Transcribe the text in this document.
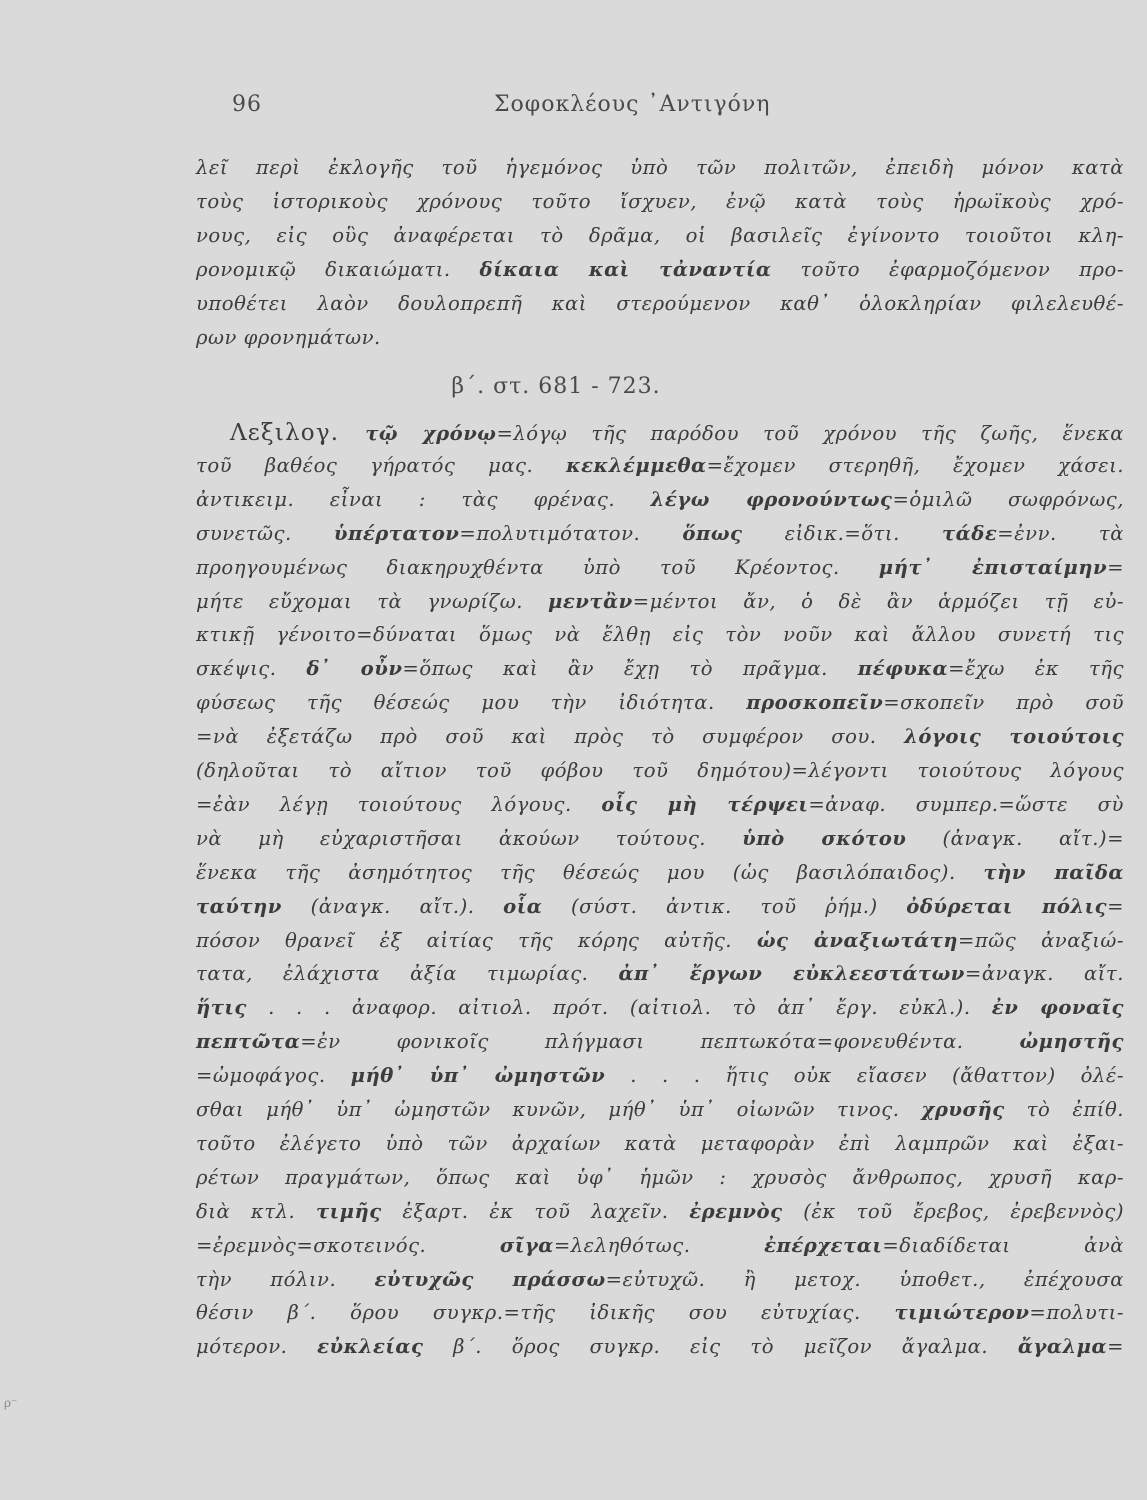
96	Σοφοκλέους ᾿Αντιγόνη
β΄. στ. 681 - 723.
ρ⁻
λεῖ περὶ ἐκλογῆς τοῦ ἡγεμόνος ὑπὸ τῶν πολιτῶν, ἐπειδὴ μόνον κατὰ
τοὺς ἱστορικοὺς χρόνους τοῦτο ἴσχυεν, ἐνῷ κατὰ τοὺς ἡρωϊκοὺς χρό-
νους, εἰς οὓς ἀναφέρεται τὸ δρᾶμα, οἱ βασιλεῖς ἐγίνοντο τοιοῦτοι κλη-
ρονομικῷ δικαιώματι. δίκαια καὶ τἀναντία τοῦτο ἐφαρμοζόμενον προ-
υποθέτει λαὸν δουλοπρεπῆ καὶ στερούμενον καθ᾿ ὁλοκληρίαν φιλελευθέ-
ρων φρονημάτων.
Λεξιλογ. τῷ χρόνῳ=λόγῳ τῆς παρόδου τοῦ χρόνου τῆς ζωῆς, ἕνεκα
τοῦ βαθέος γήρατός μας. κεκλέμμεθα=ἔχομεν στερηθῆ, ἔχομεν χάσει.
ἀντικειμ. εἶναι : τὰς φρένας. λέγω φρονούντως=ὁμιλῶ σωφρόνως,
συνετῶς. ὑπέρτατον=πολυτιμότατον. ὅπως εἰδικ.=ὅτι. τάδε=ἐνν. τὰ
προηγουμένως διακηρυχθέντα ὑπὸ τοῦ Κρέοντος. μήτ᾿ ἐπισταίμην=
μήτε εὔχομαι τὰ γνωρίζω. μεντἂν=μέντοι ἄν, ὁ δὲ ἂν ἁρμόζει τῇ εὐ-
κτικῇ γένοιτο=δύναται ὅμως νὰ ἔλθῃ εἰς τὸν νοῦν καὶ ἄλλου συνετή τις
σκέψις. δ᾿ οὖν=ὅπως καὶ ἂν ἔχῃ τὸ πρᾶγμα. πέφυκα=ἔχω ἐκ τῆς
φύσεως τῆς θέσεώς μου τὴν ἰδιότητα. προσκοπεῖν=σκοπεῖν πρὸ σοῦ
=νὰ ἐξετάζω πρὸ σοῦ καὶ πρὸς τὸ συμφέρον σου. λόγοις τοιούτοις
(δηλοῦται τὸ αἴτιον τοῦ φόβου τοῦ δημότου)=λέγοντι τοιούτους λόγους
=ἐὰν λέγῃ τοιούτους λόγους. οἷς μὴ τέρψει=ἀναφ. συμπερ.=ὥστε σὺ
νὰ μὴ εὐχαριστῆσαι ἀκούων τούτους. ὑπὸ σκότου (ἀναγκ. αἴτ.)=
ἕνεκα τῆς ἀσημότητος τῆς θέσεώς μου (ὡς βασιλόπαιδος). τὴν παῖδα
ταύτην (ἀναγκ. αἴτ.). οἷα (σύστ. ἀντικ. τοῦ ῥήμ.) ὀδύρεται πόλις=
πόσον θρανεῖ ἐξ αἰτίας τῆς κόρης αὐτῆς. ὡς ἀναξιωτάτη=πῶς ἀναξιώ-
τατα, ἐλάχιστα ἀξία τιμωρίας. ἀπ᾿ ἔργων εὐκλεεστάτων=ἀναγκ. αἴτ.
ἥτις . . . ἀναφορ. αἰτιολ. πρότ. (αἰτιολ. τὸ ἀπ᾿ ἔργ. εὐκλ.). ἐν φοναῖς
πεπτῶτα=ἐν φονικοῖς πλήγμασι πεπτωκότα=φονευθέντα. ὠμηστῆς
=ὠμοφάγος. μήθ᾿ ὑπ᾿ ὠμηστῶν . . . ἥτις οὐκ εἴασεν (ἄθαττον) ὀλέ-
σθαι μήθ᾿ ὑπ᾿ ὠμηστῶν κυνῶν, μήθ᾿ ὑπ᾿ οἰωνῶν τινος. χρυσῆς τὸ ἐπίθ.
τοῦτο ἐλέγετο ὑπὸ τῶν ἀρχαίων κατὰ μεταφορὰν ἐπὶ λαμπρῶν καὶ ἐξαι-
ρέτων πραγμάτων, ὅπως καὶ ὑφ᾿ ἡμῶν : χρυσὸς ἄνθρωπος, χρυσῆ καρ-
διὰ κτλ. τιμῆς ἐξαρτ. ἐκ τοῦ λαχεῖν. ἐρεμνὸς (ἐκ τοῦ ἔρεβος, ἐρεβεννὸς)
=ἐρεμνὸς=σκοτεινός. σῖγα=λεληθότως. ἐπέρχεται=διαδίδεται ἀνὰ
τὴν πόλιν. εὐτυχῶς πράσσω=εὐτυχῶ. ἢ μετοχ. ὑποθετ., ἐπέχουσα
θέσιν β΄. ὅρου συγκρ.=τῆς ἰδικῆς σου εὐτυχίας. τιμιώτερον=πολυτι-
μότερον. εὐκλείας β΄. ὅρος συγκρ. εἰς τὸ μεῖζον ἄγαλμα. ἄγαλμα=
